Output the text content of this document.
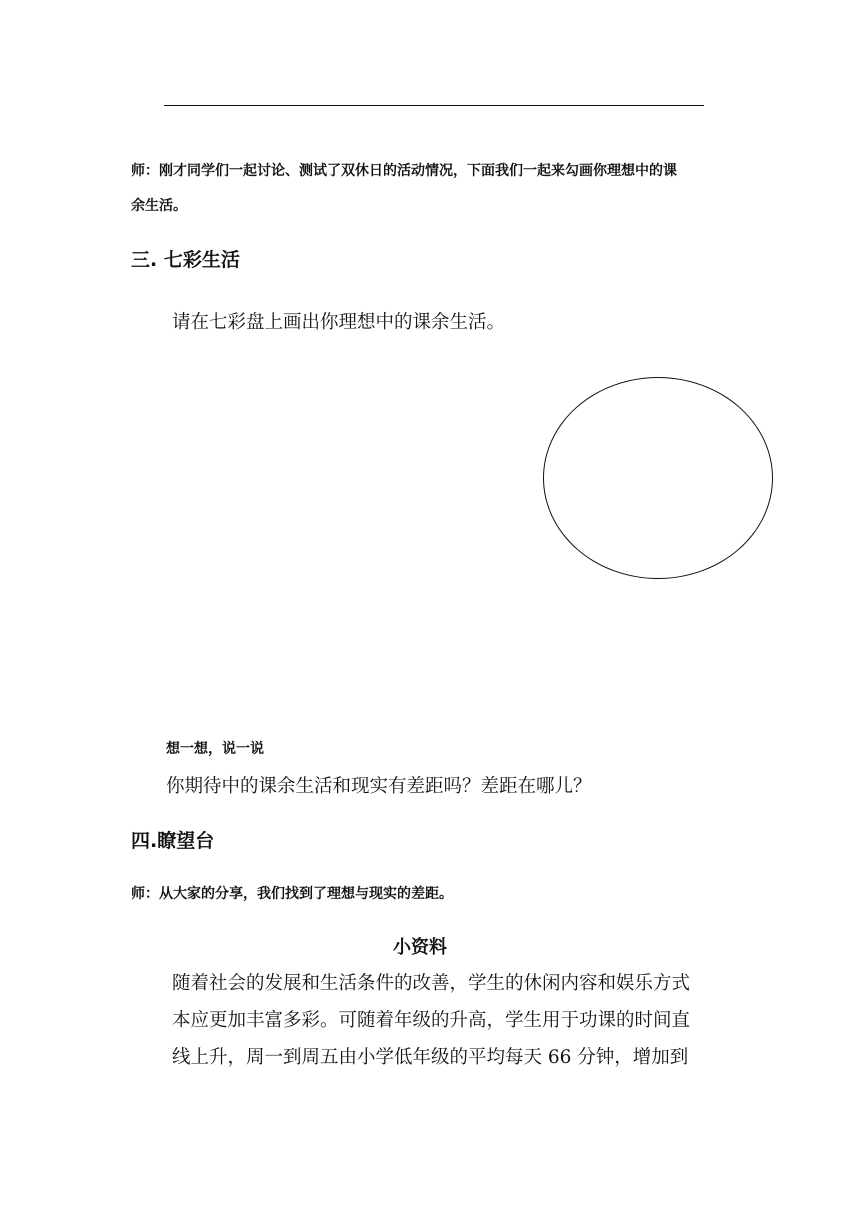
师：刚才同学们一起讨论、测试了双休日的活动情况，下面我们一起来勾画你理想中的课
余生活。
三. 七彩生活
请在七彩盘上画出你理想中的课余生活。
想一想，说一说
你期待中的课余生活和现实有差距吗？差距在哪儿？
四.瞭望台
师：从大家的分享，我们找到了理想与现实的差距。
小资料
随着社会的发展和生活条件的改善，学生的休闲内容和娱乐方式
本应更加丰富多彩。可随着年级的升高，学生用于功课的时间直
线上升，周一到周五由小学低年级的平均每天 66 分钟，增加到
